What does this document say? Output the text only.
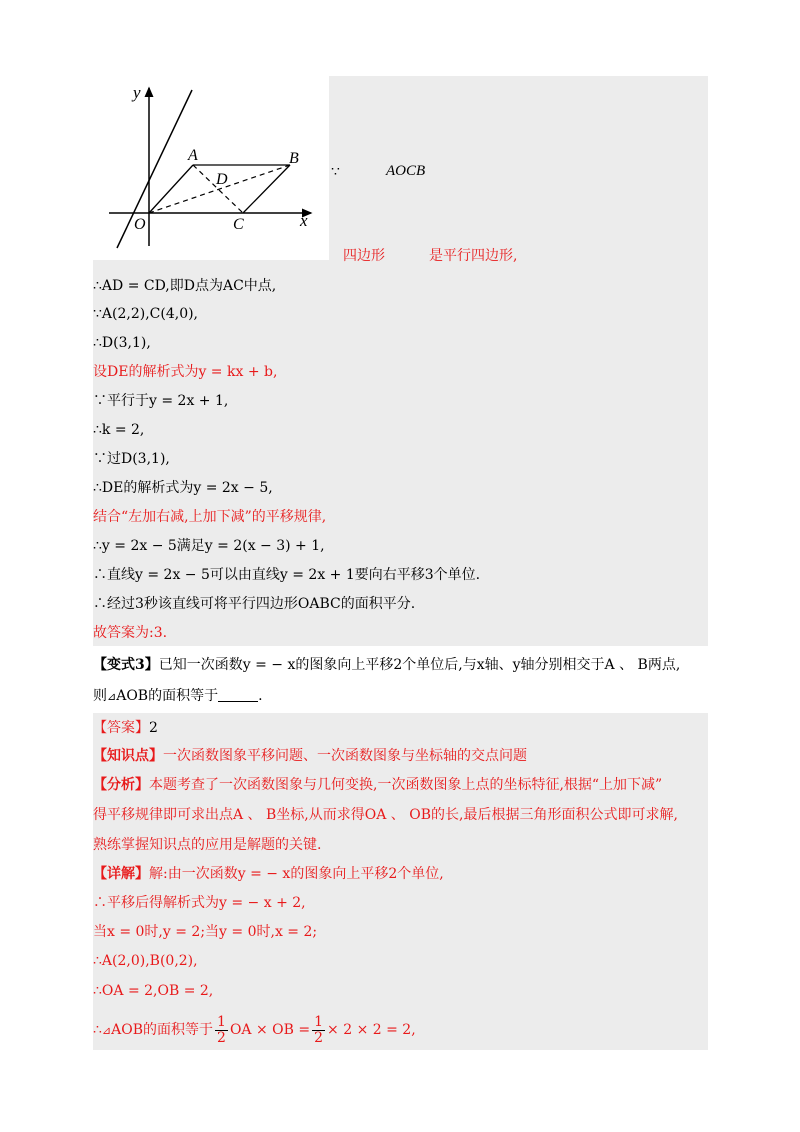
y
x
A	B
D
O	C
∵	AOCB
四边形	是平行四边形,
∴AD = CD,即D点为AC中点,
∵A(2,2),C(4,0),
∴D(3,1),
设DE的解析式为y = kx + b,
∵平行于y = 2x + 1,
∴k = 2,
∵过D(3,1),
∴DE的解析式为y = 2x − 5,
结合“左加右减,上加下减”的平移规律,
∴y = 2x − 5满足y = 2(x − 3) + 1,
∴直线y = 2x − 5可以由直线y = 2x + 1要向右平移3个单位.
∴经过3秒该直线可将平行四边形OABC的面积平分.
故答案为:3.
【变式3】已知一次函数y = − x的图象向上平移2个单位后,与x轴、y轴分别相交于A 、 B两点,
则⊿AOB的面积等于	.
【答案】2
【知识点】一次函数图象平移问题、一次函数图象与坐标轴的交点问题
【分析】本题考查了一次函数图象与几何变换,一次函数图象上点的坐标特征,根据“上加下减”
得平移规律即可求出点A 、 B坐标,从而求得OA 、 OB的长,最后根据三角形面积公式即可求解,
熟练掌握知识点的应用是解题的关键.
【详解】解:由一次函数y = − x的图象向上平移2个单位,
∴平移后得解析式为y = − x + 2,
当x = 0时,y = 2;当y = 0时,x = 2;
∴A(2,0),B(0,2),
∴OA = 2,OB = 2,
∴⊿AOB的面积等于 $\frac{1}{2}$ OA × OB = $\frac{1}{2} \times 2 \times 2 = 2$,
